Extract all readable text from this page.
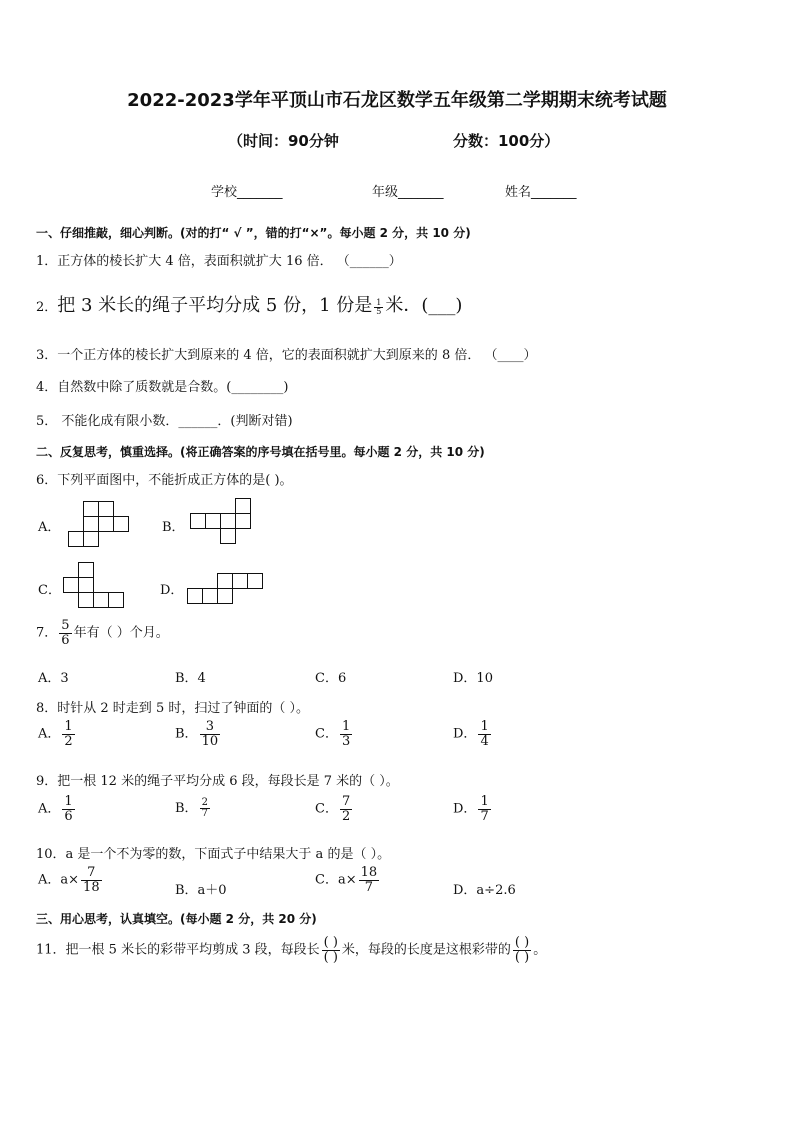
2022-2023学年平顶山市石龙区数学五年级第二学期期末统考试题
（时间：90分钟	分数：100分）
学校_______	年级_______	姓名_______
一、仔细推敲，细心判断。(对的打“ √ ”，错的打“×”。每小题 2 分，共 10 分)
1．正方体的棱长扩大 4 倍，表面积就扩大 16 倍． （______）
2．把 3 米长的绳子平均分成 5 份，1 份是 $\frac{1}{5}$ 米．(___)
3．一个正方体的棱长扩大到原来的 4 倍，它的表面积就扩大到原来的 8 倍． （____）
4．自然数中除了质数就是合数。(________)
5． 不能化成有限小数．______．(判断对错)
二、反复思考，慎重选择。(将正确答案的序号填在括号里。每小题 2 分，共 10 分)
6．下列平面图中，不能折成正方体的是( )。
A．	B．
C．	D．
7． $\frac{5}{6}$ 年有（ ）个月。
A．3	B．4	C．6	D．10
8．时针从 2 时走到 5 时，扫过了钟面的（ ）。
A． $\frac{1}{2}$	B． $\frac{3}{10}$	C． $\frac{1}{3}$	D． $\frac{1}{4}$
9．把一根 12 米的绳子平均分成 6 段，每段长是 7 米的（ ）。
A． $\frac{1}{6}$	B． $\frac{2}{7}$	C． $\frac{7}{2}$	D． $\frac{1}{7}$
10．a 是一个不为零的数，下面式子中结果大于 a 的是（ ）。
A．$a\times \frac{7}{18}$	B．a＋0
C．$a\times \frac{18}{7}$	D．a÷2.6
三、用心思考，认真填空。(每小题 2 分，共 20 分)
11．把一根 5 米长的彩带平均剪成 3 段，每段长 $\frac{( )}{( )}$ 米，每段的长度是这根彩带的 $\frac{( )}{( )}$ 。
